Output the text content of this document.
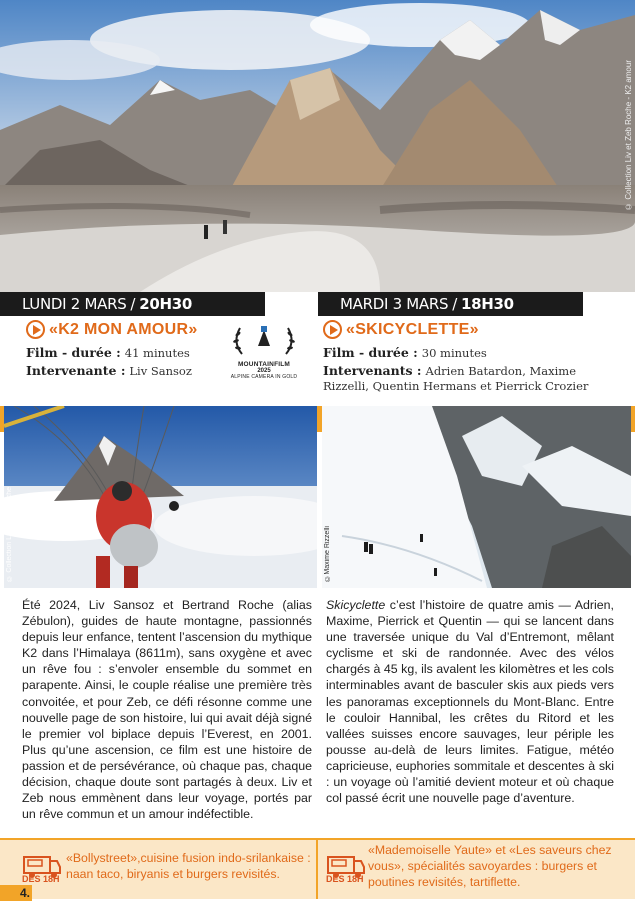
© Collection Liv et Zeb Roche - K2 amour
LUNDI 2 MARS / 20H30	MARDI 3 MARS / 18H30
«K2 MON AMOUR»
Film - durée : 41 minutes
Intervenante : Liv Sansoz	MOUNTAINFILM
2025
ALPINE CAMERA IN GOLD
«SKICYCLETTE»
Film - durée : 30 minutes
Intervenants : Adrien Batardon, Maxime Rizzelli, Quentin Hermans et Pierrick Crozier
© Collection Liv et Zeb Roche	©Maxime Rizzelli
Été 2024, Liv Sansoz et Bertrand Roche (alias Zébulon), guides de haute montagne, passionnés depuis leur enfance, tentent l’ascension du mythique K2 dans l’Himalaya (8611m), sans oxygène et avec un rêve fou : s’envoler ensemble du sommet en parapente. Ainsi, le couple réalise une première très convoitée, et pour Zeb, ce défi résonne comme une nouvelle page de son histoire, lui qui avait déjà signé le premier vol biplace depuis l’Everest, en 2001. Plus qu’une ascension, ce film est une histoire de passion et de persévérance, où chaque pas, chaque décision, chaque doute sont partagés à deux. Liv et Zeb nous emmènent dans leur voyage, portés par un rêve commun et un amour indéfectible.
Skicyclette c’est l’histoire de quatre amis — Adrien, Maxime, Pierrick et Quentin — qui se lancent dans une traversée unique du Val d’Entremont, mêlant cyclisme et ski de randonnée. Avec des vélos chargés à 45 kg, ils avalent les kilomètres et les cols interminables avant de basculer skis aux pieds vers les panoramas exceptionnels du Mont-Blanc. Entre le couloir Hannibal, les crêtes du Ritord et les vallées suisses encore sauvages, leur périple les pousse au-delà de leurs limites. Fatigue, météo capricieuse, euphories sommitale et descentes à ski : un voyage où l’amitié devient moteur et où chaque col passé écrit une nouvelle page d’aventure.
DÈS 18H
«Bollystreet»,cuisine fusion indo-srilankaise : naan taco, biryanis et burgers revisités.	DÈS 18H
«Mademoiselle Yaute» et «Les saveurs chez vous», spécialités savoyardes : burgers et poutines revisités, tartiflette.
4.
